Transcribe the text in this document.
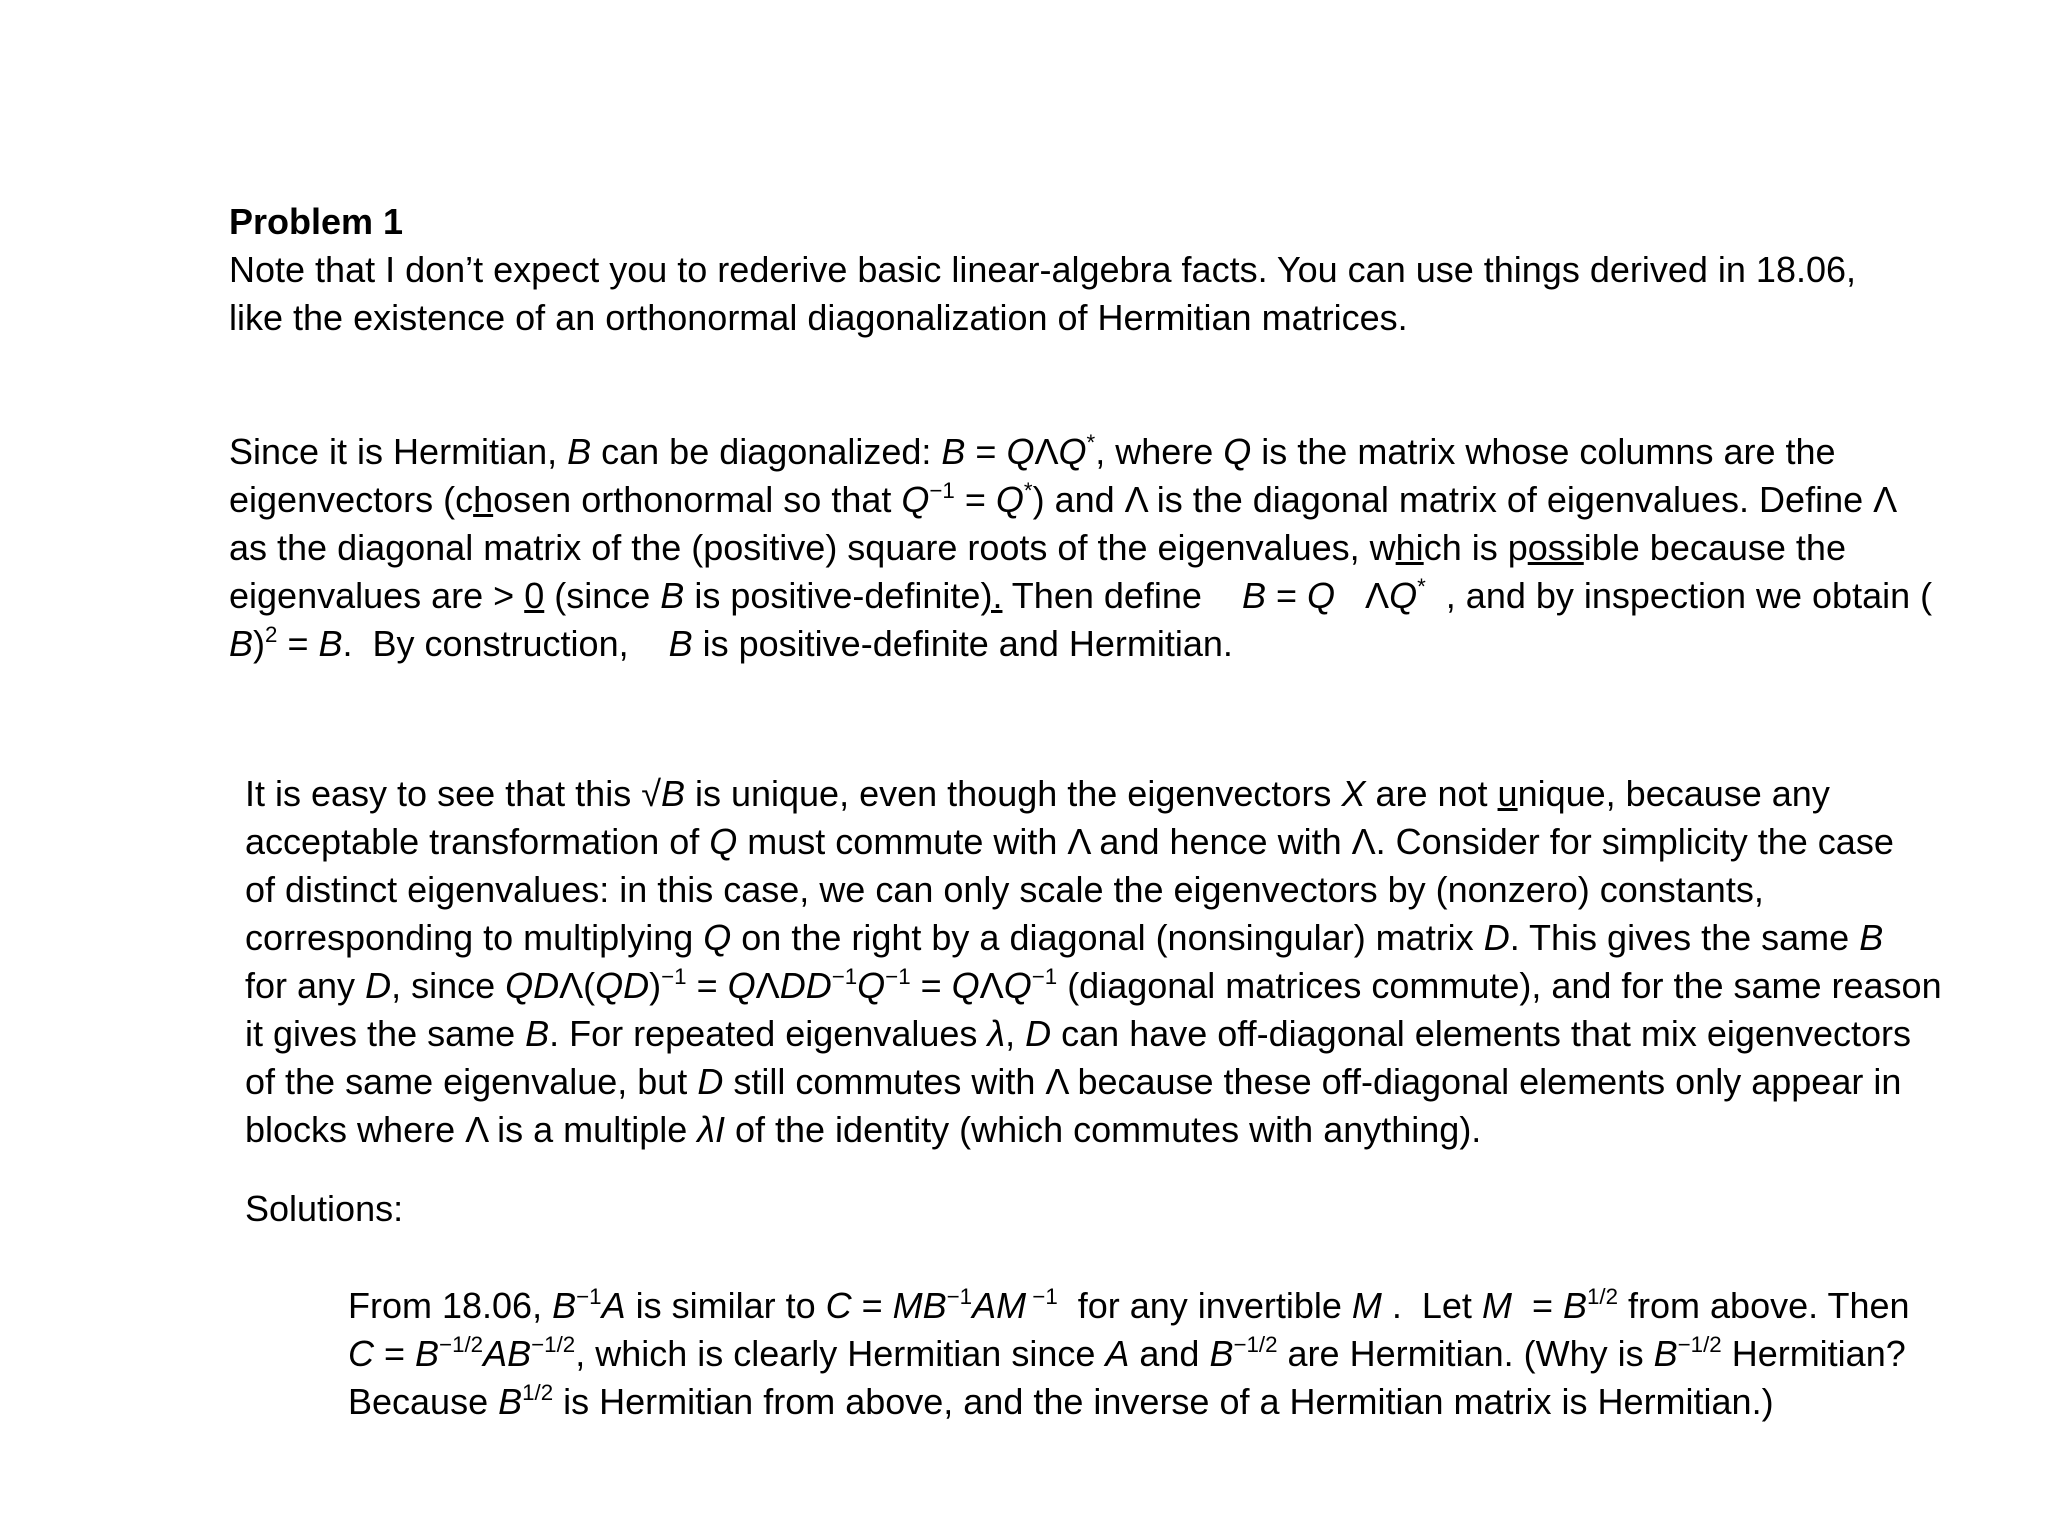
Problem 1
Note that I don’t expect you to rederive basic linear-algebra facts. You can use things derived in 18.06,
like the existence of an orthonormal diagonalization of Hermitian matrices.
Since it is Hermitian, B can be diagonalized: B = QΛQ*, where Q is the matrix whose columns are the
eigenvectors (chosen orthonormal so that $Q^{-1} = Q^*$) and Λ is the diagonal matrix of eigenvalues. Define Λ
as the diagonal matrix of the (positive) square roots of the eigenvalues, which is possible because the
eigenvalues are > 0 (since B is positive-definite). Then define    B = Q   ΛQ*  , and by inspection we obtain (
B)$^2$ = B.  By construction,    B is positive-definite and Hermitian.
It is easy to see that this √B is unique, even though the eigenvectors X are not unique, because any
acceptable transformation of Q must commute with Λ and hence with Λ. Consider for simplicity the case
of distinct eigenvalues: in this case, we can only scale the eigenvectors by (nonzero) constants,
corresponding to multiplying Q on the right by a diagonal (nonsingular) matrix D. This gives the same B
for any D, since $QD\Lambda(QD)^{-1} = Q\Lambda DD^{-1}Q^{-1} = Q\Lambda Q^{-1}$ (diagonal matrices commute), and for the same reason
it gives the same B. For repeated eigenvalues λ, D can have off-diagonal elements that mix eigenvectors
of the same eigenvalue, but D still commutes with Λ because these off-diagonal elements only appear in
blocks where Λ is a multiple λI of the identity (which commutes with anything).
Solutions:
From 18.06, $B^{-1}A$ is similar to $C = MB^{-1}AM$ $^{-1}$  for any invertible M .  Let $M = B^{1/2}$ from above. Then
$C = B^{-1/2}AB^{-1/2}$, which is clearly Hermitian since A and $B^{-1/2}$ are Hermitian. (Why is $B^{-1/2}$ Hermitian?
Because $B^{1/2}$ is Hermitian from above, and the inverse of a Hermitian matrix is Hermitian.)
